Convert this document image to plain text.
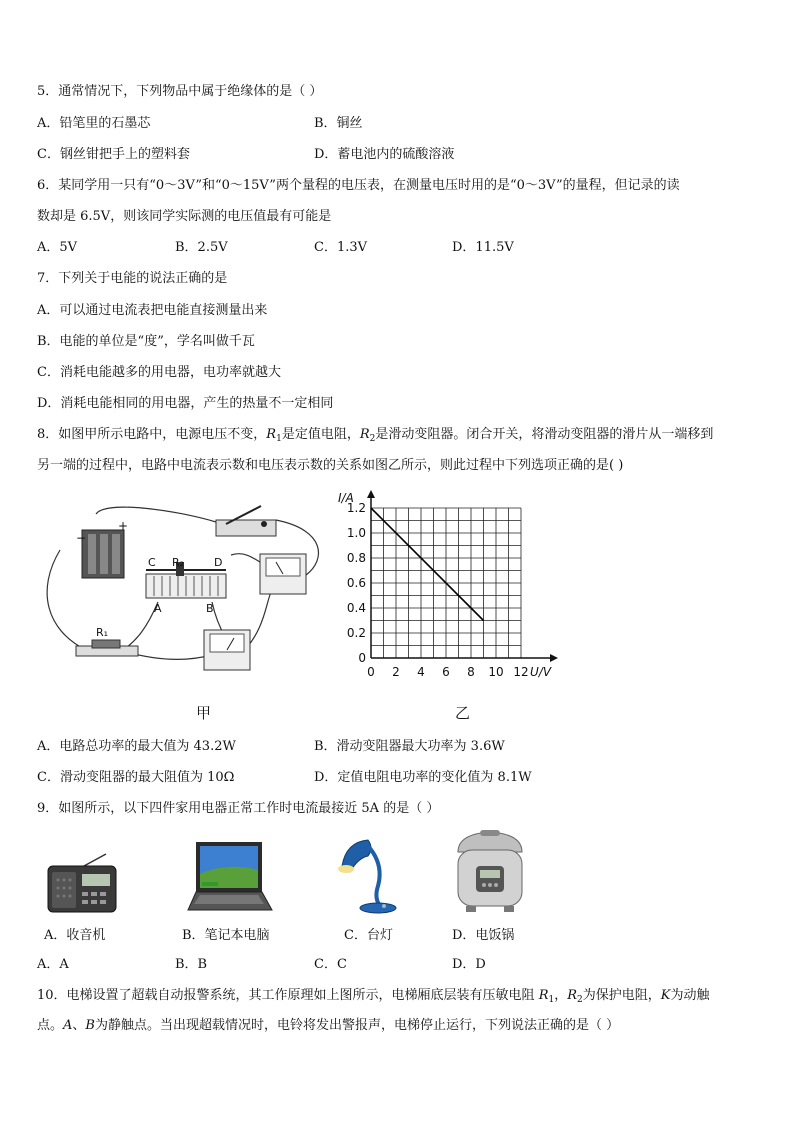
5．通常情况下，下列物品中属于绝缘体的是（ ）
A．铅笔里的石墨芯	B．铜丝
C．钢丝钳把手上的塑料套	D．蓄电池内的硫酸溶液
6．某同学用一只有“0～3V”和“0～15V”两个量程的电压表，在测量电压时用的是“0～3V”的量程，但记录的读
数却是 6.5V，则该同学实际测的电压值最有可能是
A．5V	B．2.5V	C．1.3V	D．11.5V
7．下列关于电能的说法正确的是
A．可以通过电流表把电能直接测量出来
B．电能的单位是“度”，学名叫做千瓦
C．消耗电能越多的用电器，电功率就越大
D．消耗电能相同的用电器，产生的热量不一定相同
8．如图甲所示电路中，电源电压不变，$R_1$是定值电阻，$R_2$是滑动变阻器。闭合开关，将滑动变阻器的滑片从一端移到
另一端的过程中，电路中电流表示数和电压表示数的关系如图乙所示，则此过程中下列选项正确的是( )
−
+
C R₂	D
A	B
R₁
甲
0 2 4 6 8 10 12
0
0.2
0.4
0.6
0.8
1.0
1.2
I/A
U/V
乙
A．电路总功率的最大值为 43.2W	B．滑动变阻器最大功率为 3.6W
C．滑动变阻器的最大阻值为 10Ω	D．定值电阻电功率的变化值为 8.1W
9．如图所示，以下四件家用电器正常工作时电流最接近 5A 的是（ ）
A．收音机	B．笔记本电脑	C．台灯	D．电饭锅
A．A	B．B	C．C	D．D
10．电梯设置了超载自动报警系统，其工作原理如上图所示，电梯厢底层装有压敏电阻 $R_1$，$R_2$为保护电阻，K为动触
点。A、B为静触点。当出现超载情况时，电铃将发出警报声，电梯停止运行，下列说法正确的是（ ）
